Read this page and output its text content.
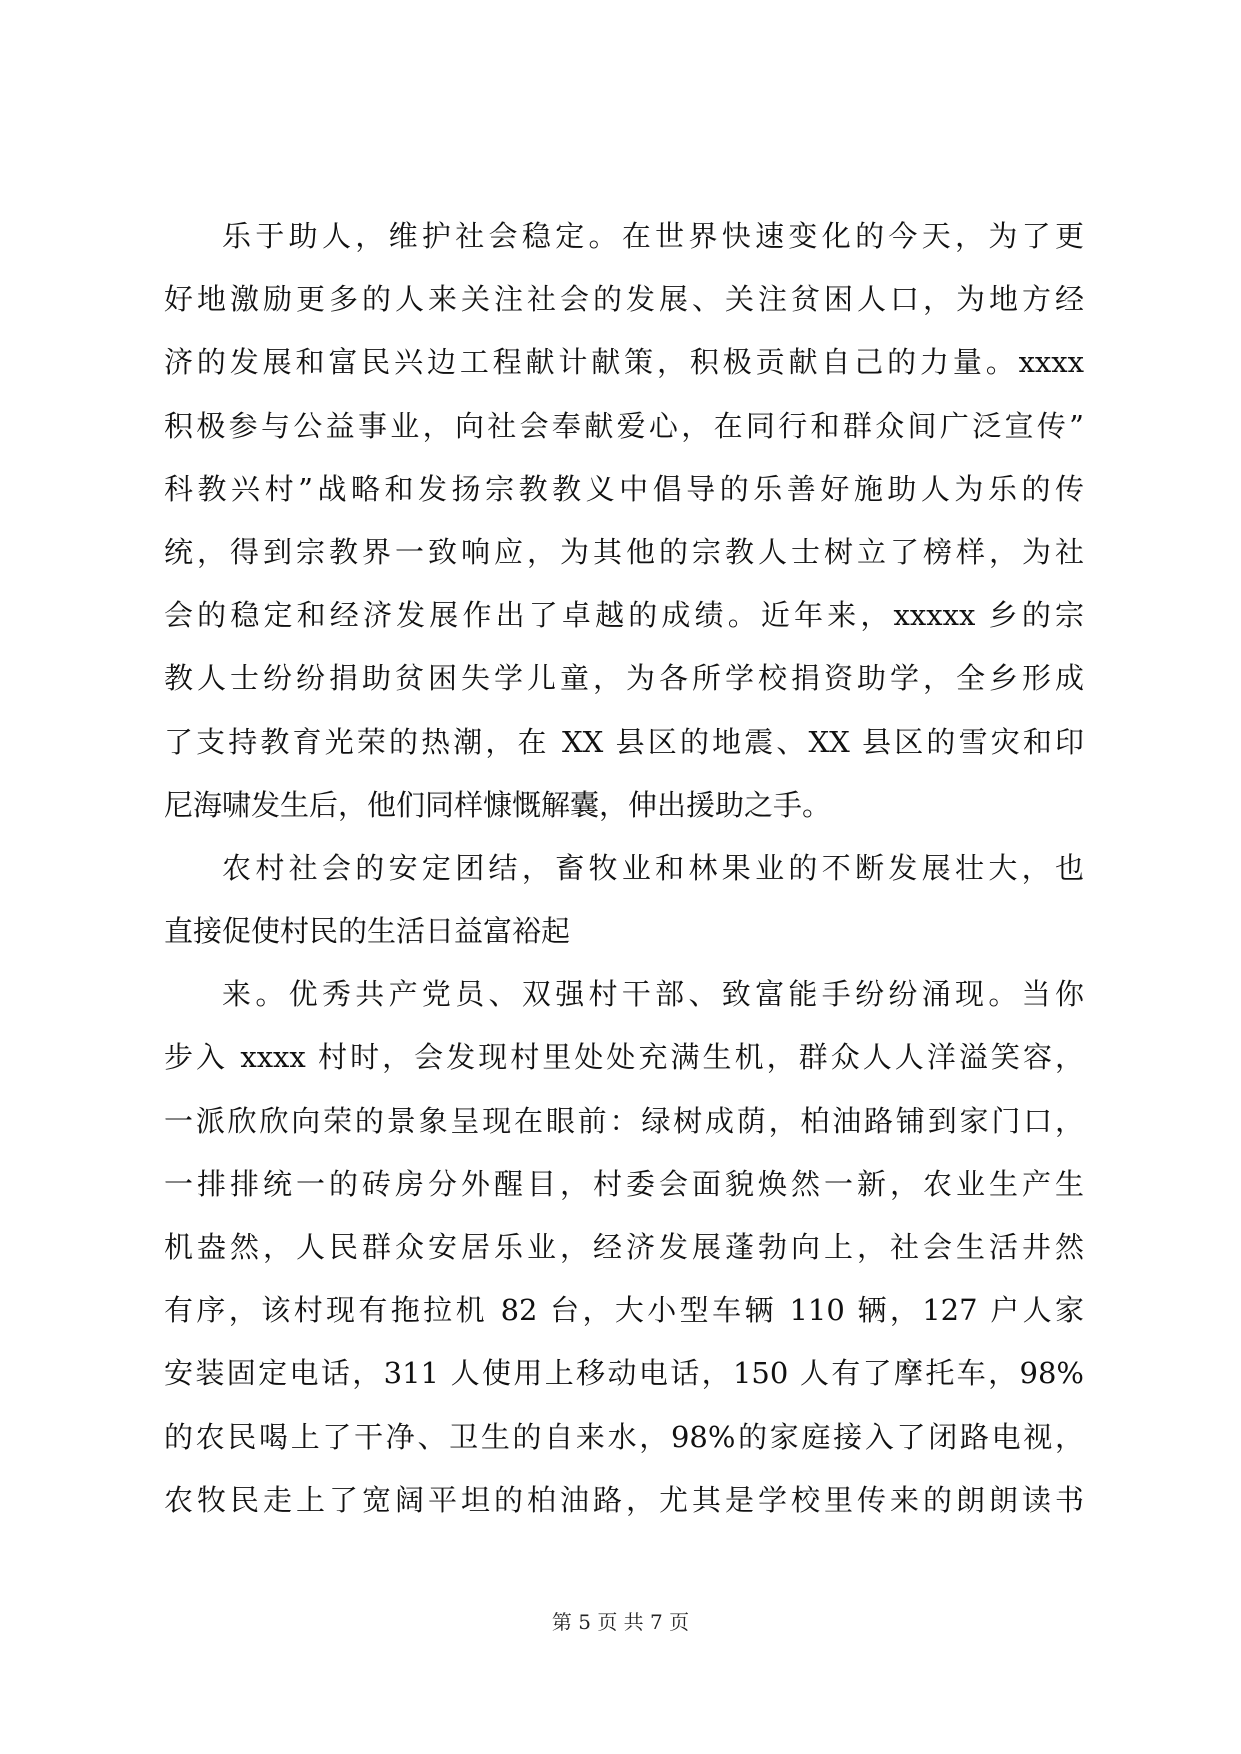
乐于助人，维护社会稳定。在世界快速变化的今天，为了更
好地激励更多的人来关注社会的发展、关注贫困人口，为地方经
济的发展和富民兴边工程献计献策，积极贡献自己的力量。xxxx
积极参与公益事业，向社会奉献爱心，在同行和群众间广泛宣传”
科教兴村”战略和发扬宗教教义中倡导的乐善好施助人为乐的传
统，得到宗教界一致响应，为其他的宗教人士树立了榜样，为社
会的稳定和经济发展作出了卓越的成绩。近年来，xxxxx 乡的宗
教人士纷纷捐助贫困失学儿童，为各所学校捐资助学，全乡形成
了支持教育光荣的热潮，在 XX 县区的地震、XX 县区的雪灾和印
尼海啸发生后，他们同样慷慨解囊，伸出援助之手。
农村社会的安定团结，畜牧业和林果业的不断发展壮大，也
直接促使村民的生活日益富裕起
来。优秀共产党员、双强村干部、致富能手纷纷涌现。当你
步入 xxxx 村时，会发现村里处处充满生机，群众人人洋溢笑容，
一派欣欣向荣的景象呈现在眼前：绿树成荫，柏油路铺到家门口，
一排排统一的砖房分外醒目，村委会面貌焕然一新，农业生产生
机盎然，人民群众安居乐业，经济发展蓬勃向上，社会生活井然
有序，该村现有拖拉机 82 台，大小型车辆 110 辆，127 户人家
安装固定电话，311 人使用上移动电话，150 人有了摩托车，98%
的农民喝上了干净、卫生的自来水，98%的家庭接入了闭路电视，
农牧民走上了宽阔平坦的柏油路，尤其是学校里传来的朗朗读书
第 5 页 共 7 页
